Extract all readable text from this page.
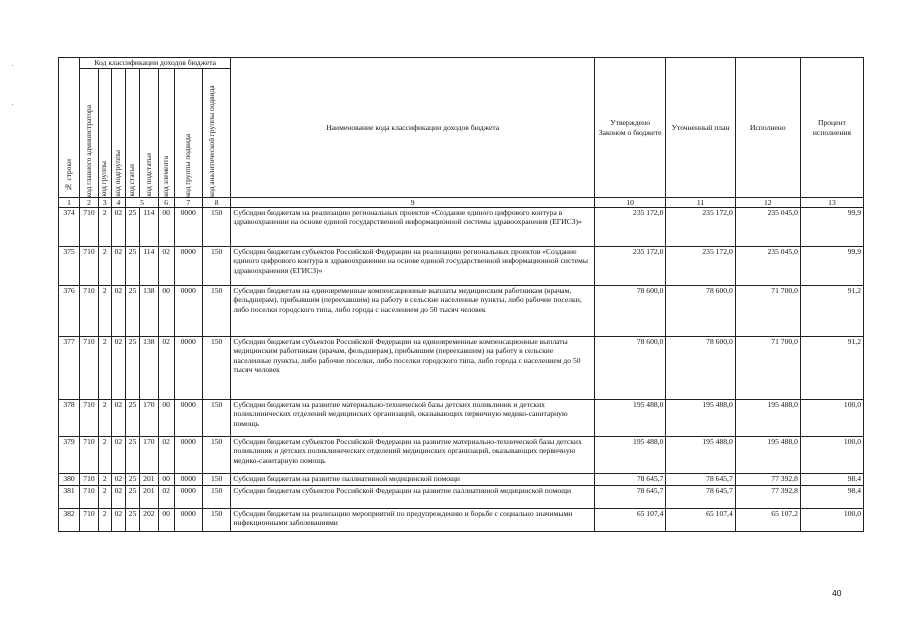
№ строки	Код классификации доходов бюджета								Наименование кода классификации доходов бюджета	Утверждено Законом о бюджете	Уточненный план	Исполнено	Процент исполнения

	код главного администратора	код группы	код подгруппы	код статьи	код подстатьи	код элемента	код группы подвида	код аналитической группы подвида					

1	2	3	4	5		6	7	8	9	10	11	12	13
374	710	2	02	25	114	00	0000	150	Субсидии бюджетам на реализацию региональных проектов «Создание единого цифрового контура в здравоохранении на основе единой государственной информационной системы здравоохранения (ЕГИСЗ)»	235 172,0	235 172,0	235 045,0	99,9
375	710	2	02	25	114	02	0000	150	Субсидии бюджетам субъектов Российской Федерации на реализацию региональных проектов «Создание единого цифрового контура в здравоохранении на основе единой государственной информационной системы здравоохранения (ЕГИСЗ)»	235 172,0	235 172,0	235 045,0	99,9
376	710	2	02	25	138	00	0000	150	Субсидии бюджетам на единовременные компенсационные выплаты медицинским работникам (врачам, фельдшерам), прибывшим (переехавшим) на работу в сельские населенные пункты, либо рабочие поселки, либо поселки городского типа, либо города с населением до 50 тысяч человек	78 600,0	78 600,0	71 700,0	91,2
377	710	2	02	25	138	02	0000	150	Субсидии бюджетам субъектов Российской Федерации на единовременные компенсационные выплаты медицинским работникам (врачам, фельдшерам), прибывшим (переехавшим) на работу в сельские населенные пункты, либо рабочие поселки, либо поселки городского типа, либо города с населением до 50 тысяч человек	78 600,0	78 600,0	71 700,0	91,2
378	710	2	02	25	170	00	0000	150	Субсидии бюджетам на развитие материально-технической базы детских поликлиник и детских поликлинических отделений медицинских организаций, оказывающих первичную медико-санитарную помощь	195 488,0	195 488,0	195 488,0	100,0
379	710	2	02	25	170	02	0000	150	Субсидии бюджетам субъектов Российской Федерации на развитие материально-технической базы детских поликлиник и детских поликлинических отделений медицинских организаций, оказывающих первичную медико-санитарную помощь	195 488,0	195 488,0	195 488,0	100,0
380	710	2	02	25	201	00	0000	150	Субсидии бюджетам на развитие паллиативной медицинской помощи	78 645,7	78 645,7	77 392,8	98,4
381	710	2	02	25	201	02	0000	150	Субсидии бюджетам субъектов Российской Федерации на развитие паллиативной медицинской помощи	78 645,7	78 645,7	77 392,8	98,4
382	710	2	02	25	202	00	0000	150	Субсидии бюджетам на реализацию мероприятий по предупреждению и борьбе с социально значимыми инфекционными заболеваниями	65 107,4	65 107,4	65 107,2	100,0
40
